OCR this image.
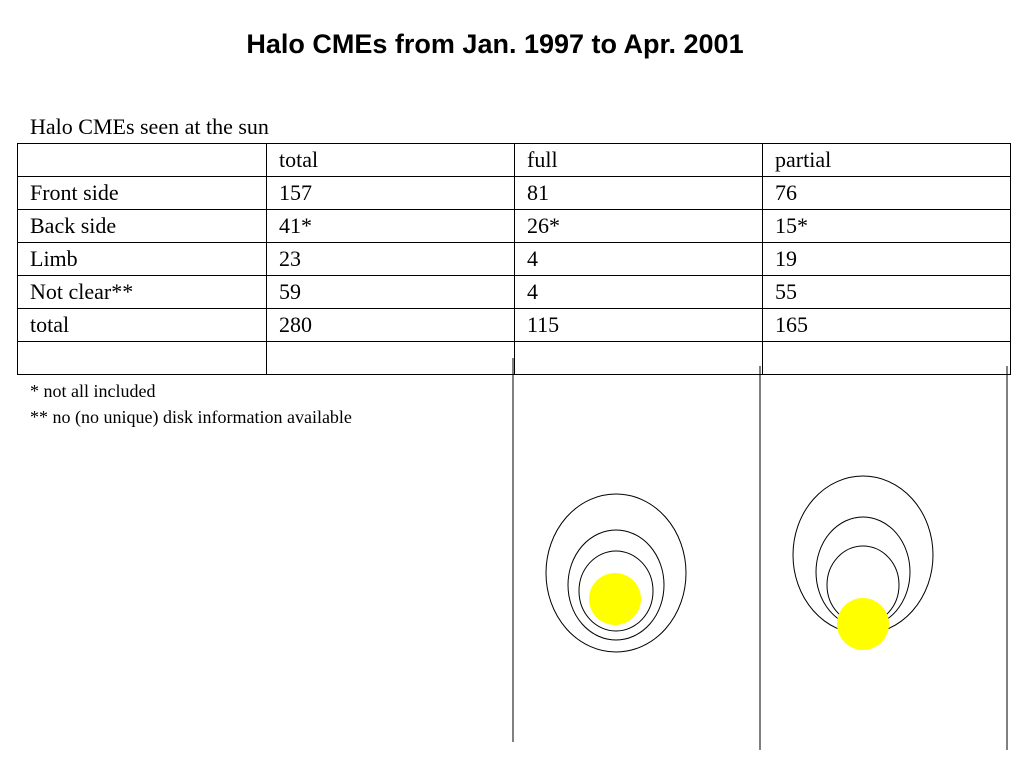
Halo CMEs from Jan. 1997 to Apr. 2001
Halo CMEs seen at the sun
	total	full	partial
Front side	157	81	76
Back side	41*	26*	15*
Limb	23	4	19
Not clear**	59	4	55
total	280	115	165

* not all included
** no (no unique) disk information available
